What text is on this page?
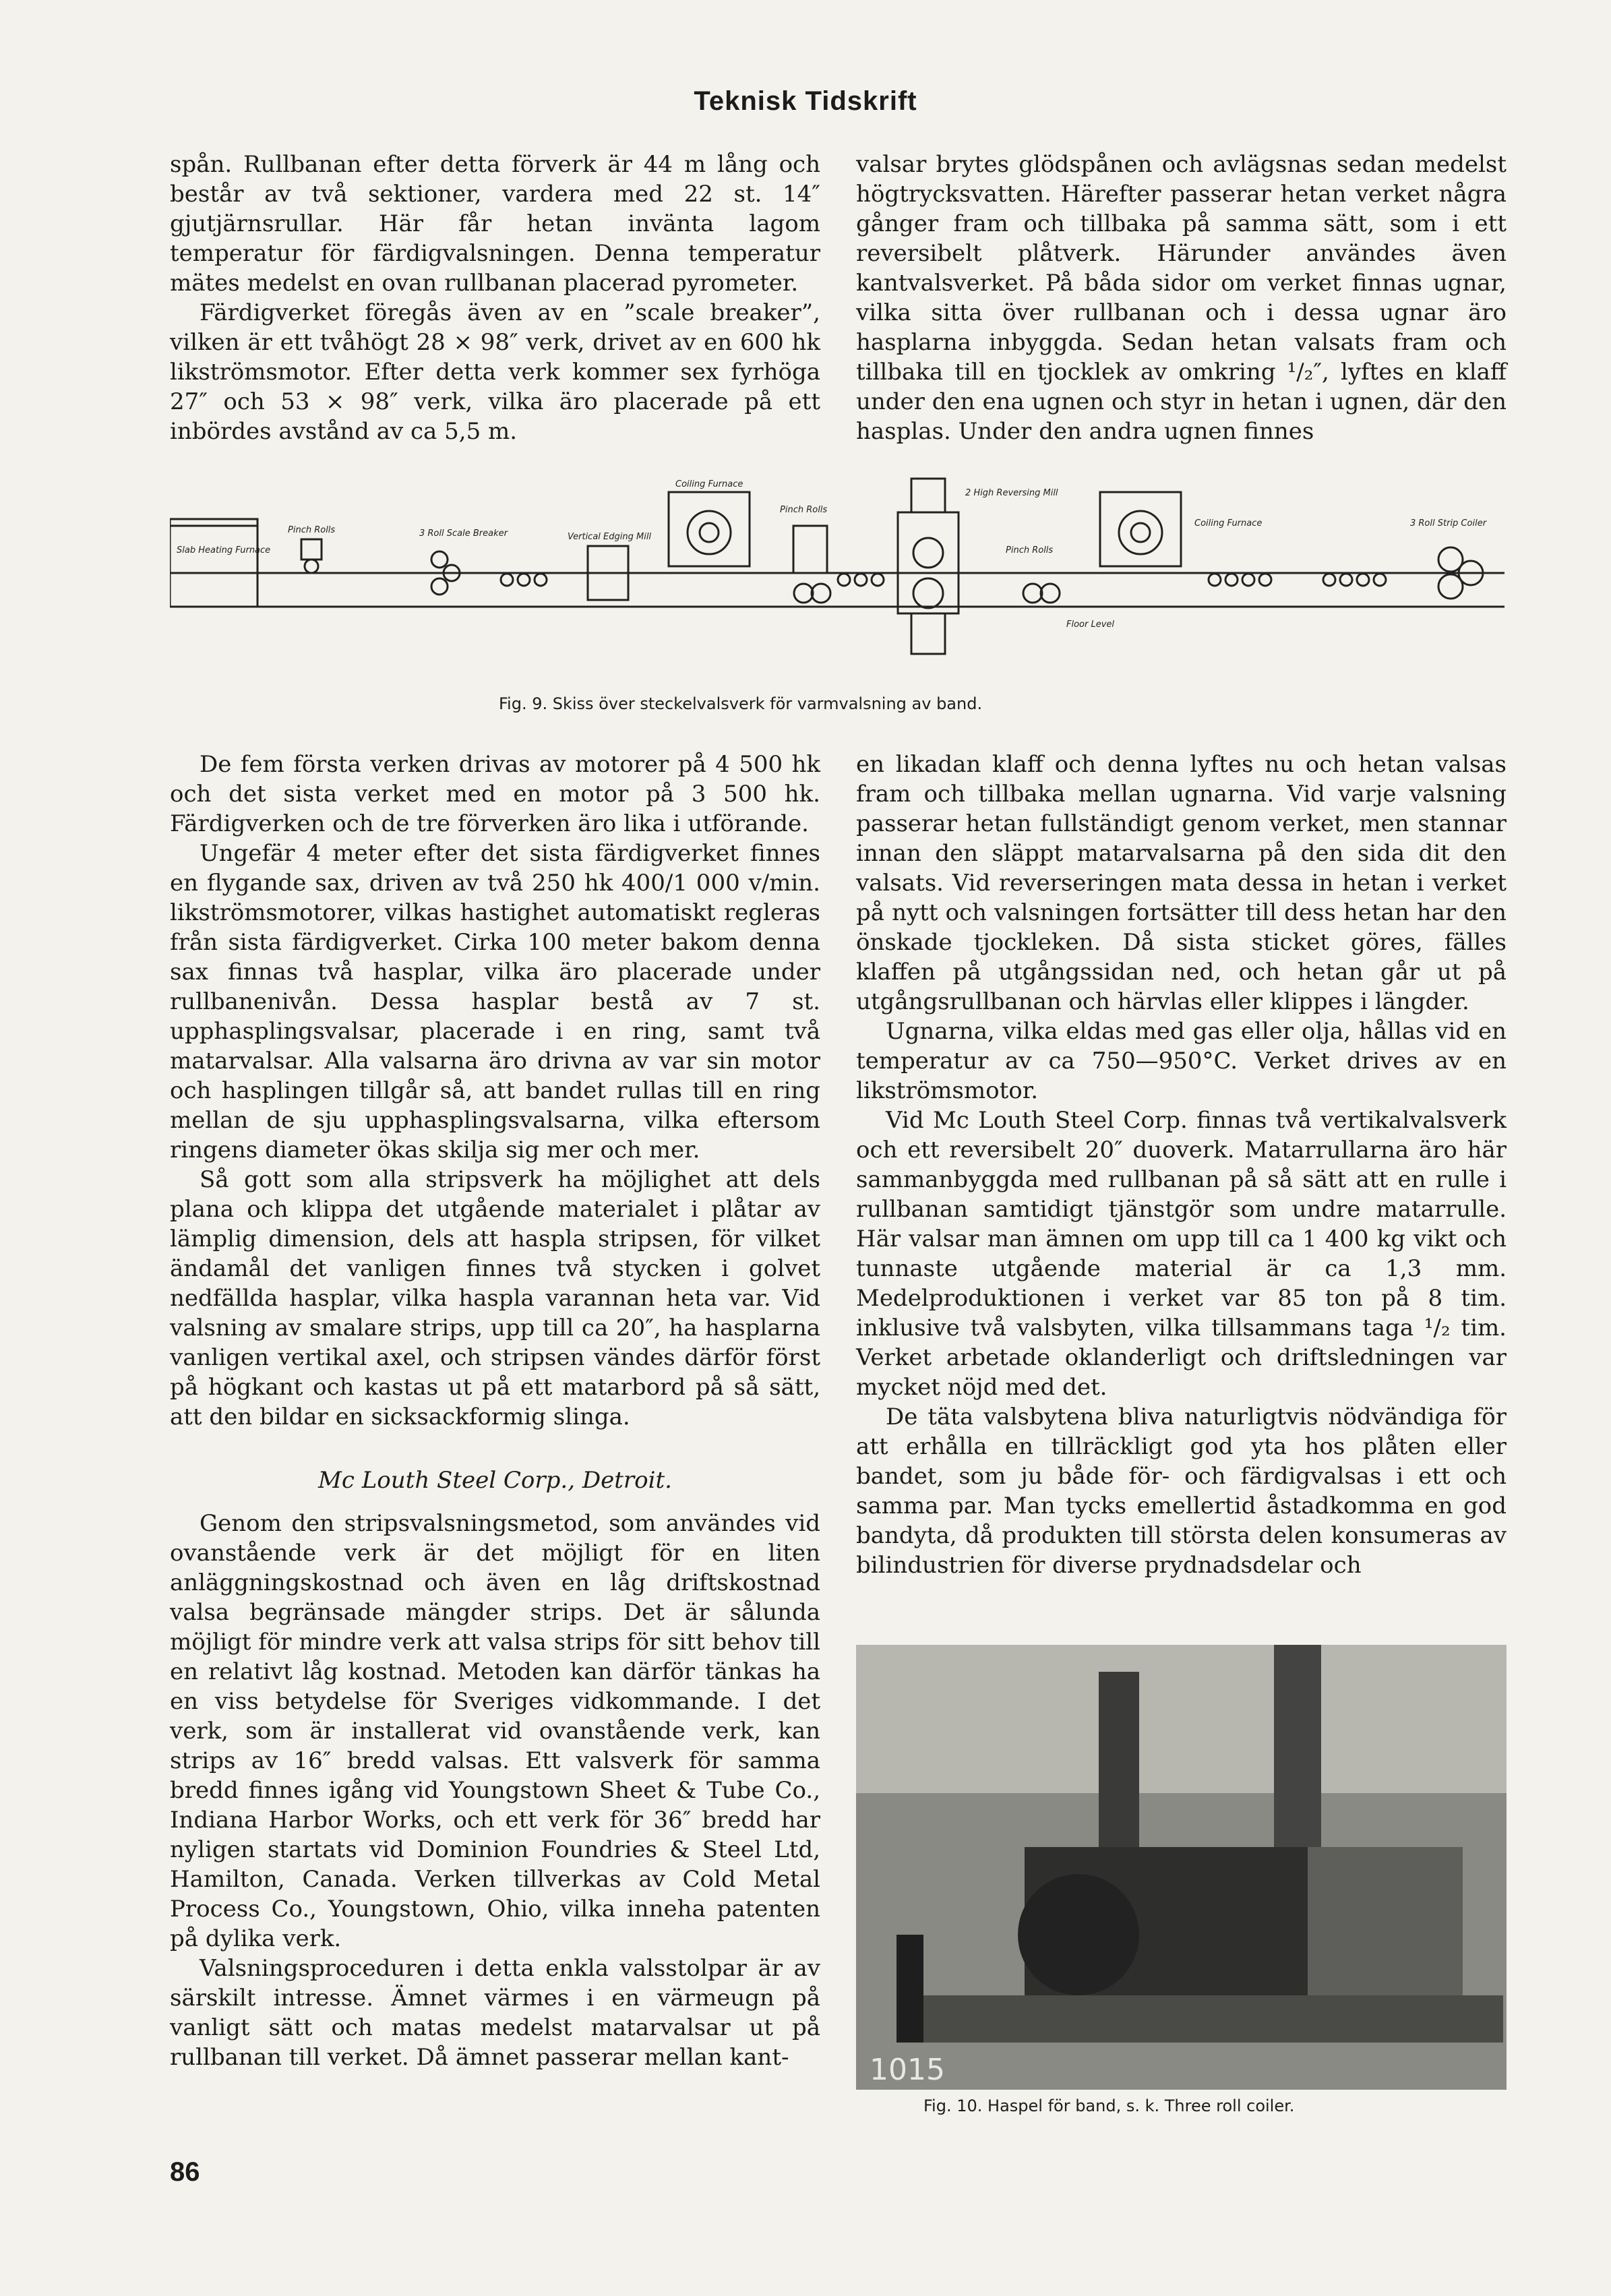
Teknisk Tidskrift

spån. Rullbanan efter detta förverk är 44 m lång och består av två sektioner, vardera med 22 st. 14″ gjutjärnsrullar. Här får hetan invänta lagom temperatur för färdigvalsningen. Denna temperatur mätes medelst en ovan rullbanan placerad pyrometer.

Färdigverket föregås även av en ”scale breaker”, vilken är ett tvåhögt 28 × 98″ verk, drivet av en 600 hk likströmsmotor. Efter detta verk kommer sex fyrhöga 27″ och 53 × 98″ verk, vilka äro placerade på ett inbördes avstånd av ca 5,5 m.

valsar brytes glödspånen och avlägsnas sedan medelst högtrycksvatten. Härefter passerar hetan verket några gånger fram och tillbaka på samma sätt, som i ett reversibelt plåtverk. Härunder användes även kantvalsverket. På båda sidor om verket finnas ugnar, vilka sitta över rullbanan och i dessa ugnar äro hasplarna inbyggda. Sedan hetan valsats fram och tillbaka till en tjocklek av omkring ¹/₂″, lyftes en klaff under den ena ugnen och styr in hetan i ugnen, där den hasplas. Under den andra ugnen finnes

Slab Heating Furnace
Pinch Rolls	3 Roll Scale Breaker	Vertical Edging Mill
Coiling Furnace
Pinch Rolls
2 High Reversing Mill
Pinch Rolls
Coiling Furnace	3 Roll Strip Coiler
Floor Level
Fig. 9. Skiss över steckelvalsverk för varmvalsning av band.

De fem första verken drivas av motorer på 4 500 hk och det sista verket med en motor på 3 500 hk. Färdigverken och de tre förverken äro lika i utförande.

Ungefär 4 meter efter det sista färdigverket finnes en flygande sax, driven av två 250 hk 400/1 000 v/min. likströmsmotorer, vilkas hastighet automatiskt regleras från sista färdigverket. Cirka 100 meter bakom denna sax finnas två hasplar, vilka äro placerade under rullbanenivån. Dessa hasplar bestå av 7 st. upphasplingsvalsar, placerade i en ring, samt två matarvalsar. Alla valsarna äro drivna av var sin motor och hasplingen tillgår så, att bandet rullas till en ring mellan de sju upphasplingsvalsarna, vilka eftersom ringens diameter ökas skilja sig mer och mer.

Så gott som alla stripsverk ha möjlighet att dels plana och klippa det utgående materialet i plåtar av lämplig dimension, dels att haspla stripsen, för vilket ändamål det vanligen finnes två stycken i golvet nedfällda hasplar, vilka haspla varannan heta var. Vid valsning av smalare strips, upp till ca 20″, ha hasplarna vanligen vertikal axel, och stripsen vändes därför först på högkant och kastas ut på ett matarbord på så sätt, att den bildar en sicksackformig slinga.

Mc Louth Steel Corp., Detroit.

Genom den stripsvalsningsmetod, som användes vid ovanstående verk är det möjligt för en liten anläggningskostnad och även en låg driftskostnad valsa begränsade mängder strips. Det är sålunda möjligt för mindre verk att valsa strips för sitt behov till en relativt låg kostnad. Metoden kan därför tänkas ha en viss betydelse för Sveriges vidkommande. I det verk, som är installerat vid ovanstående verk, kan strips av 16″ bredd valsas. Ett valsverk för samma bredd finnes igång vid Youngstown Sheet & Tube Co., Indiana Harbor Works, och ett verk för 36″ bredd har nyligen startats vid Dominion Foundries & Steel Ltd, Hamilton, Canada. Verken tillverkas av Cold Metal Process Co., Youngstown, Ohio, vilka inneha patenten på dylika verk.

Valsningsproceduren i detta enkla valsstolpar är av särskilt intresse. Ämnet värmes i en värmeugn på vanligt sätt och matas medelst matarvalsar ut på rullbanan till verket. Då ämnet passerar mellan kant-

en likadan klaff och denna lyftes nu och hetan valsas fram och tillbaka mellan ugnarna. Vid varje valsning passerar hetan fullständigt genom verket, men stannar innan den släppt matarvalsarna på den sida dit den valsats. Vid reverseringen mata dessa in hetan i verket på nytt och valsningen fortsätter till dess hetan har den önskade tjockleken. Då sista sticket göres, fälles klaffen på utgångssidan ned, och hetan går ut på utgångsrullbanan och härvlas eller klippes i längder.

Ugnarna, vilka eldas med gas eller olja, hållas vid en temperatur av ca 750—950°C. Verket drives av en likströmsmotor.

Vid Mc Louth Steel Corp. finnas två vertikalvalsverk och ett reversibelt 20″ duoverk. Matarrullarna äro här sammanbyggda med rullbanan på så sätt att en rulle i rullbanan samtidigt tjänstgör som undre matarrulle. Här valsar man ämnen om upp till ca 1 400 kg vikt och tunnaste utgående material är ca 1,3 mm. Medelproduktionen i verket var 85 ton på 8 tim. inklusive två valsbyten, vilka tillsammans taga ¹/₂ tim. Verket arbetade oklanderligt och driftsledningen var mycket nöjd med det.

De täta valsbytena bliva naturligtvis nödvändiga för att erhålla en tillräckligt god yta hos plåten eller bandet, som ju både för- och färdigvalsas i ett och samma par. Man tycks emellertid åstadkomma en god bandyta, då produkten till största delen konsumeras av bilindustrien för diverse prydnadsdelar och

1015
Fig. 10. Haspel för band, s. k. Three roll coiler.
86
